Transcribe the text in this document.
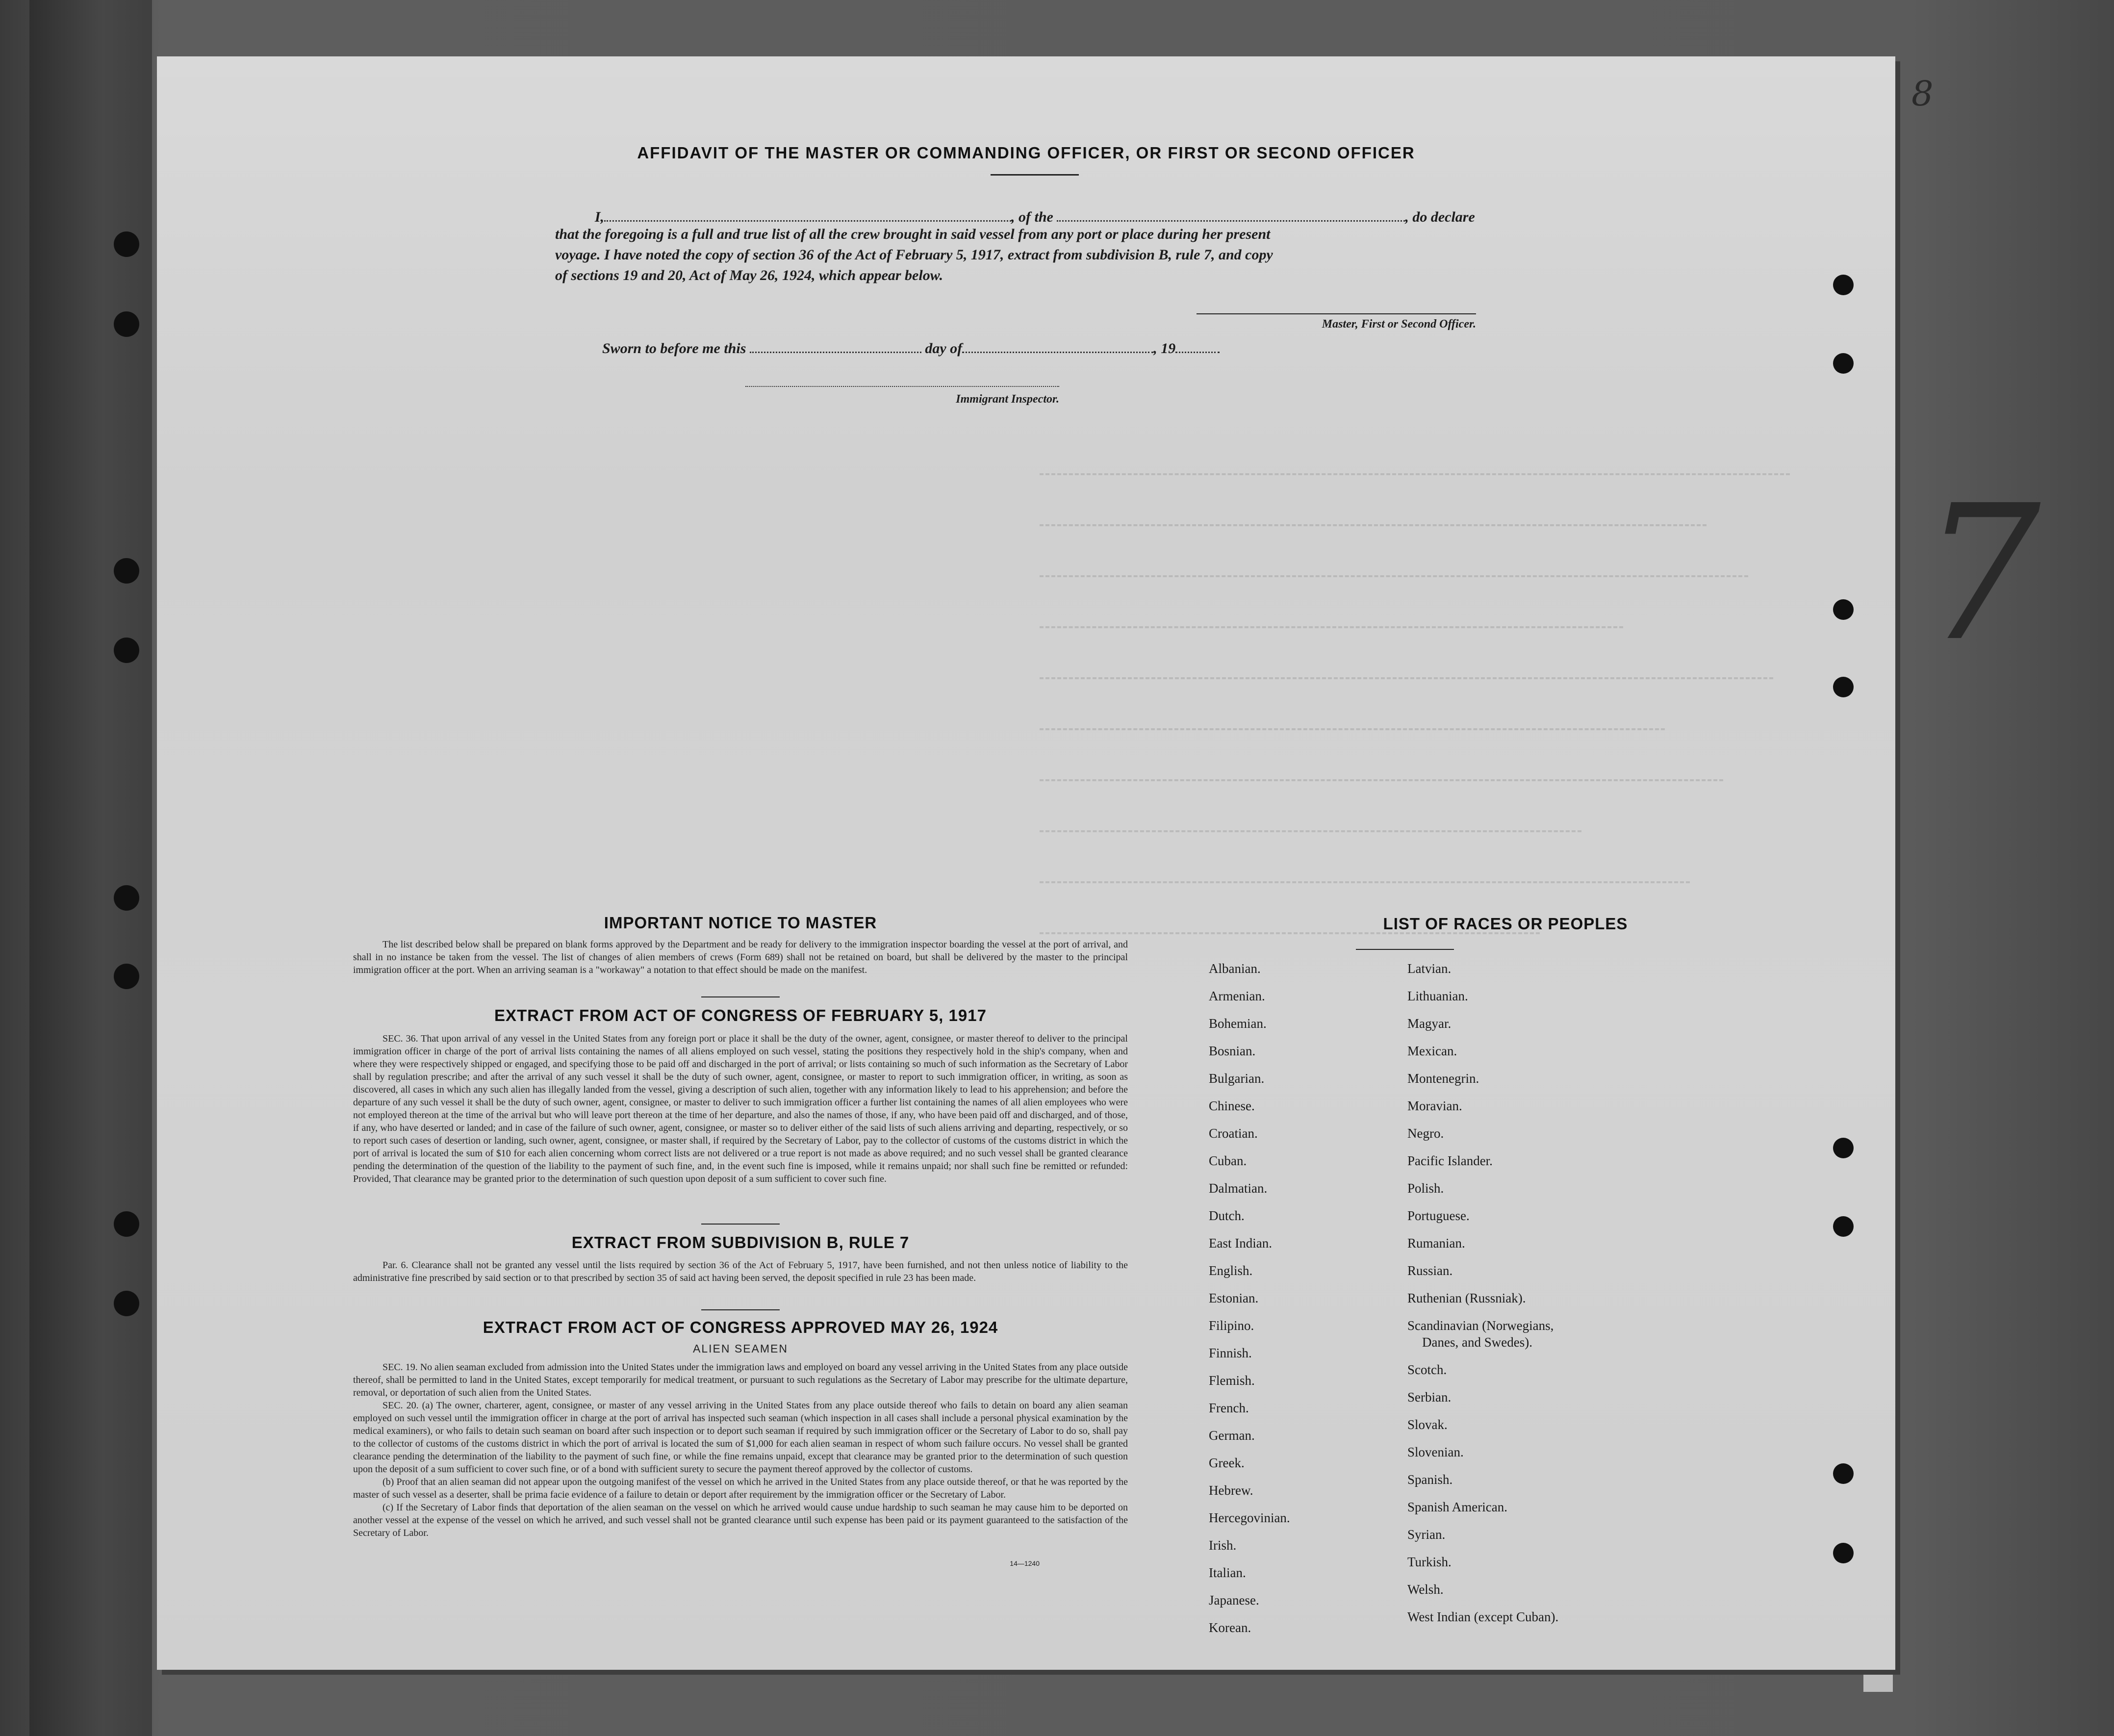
AFFIDAVIT OF THE MASTER OR COMMANDING OFFICER, OR FIRST OR SECOND OFFICER
I,	, of the	, do declare
that the foregoing is a full and true list of all the crew brought in said vessel from any port or place during her present
voyage. I have noted the copy of section 36 of the Act of February 5, 1917, extract from subdivision B, rule 7, and copy
of sections 19 and 20, Act of May 26, 1924, which appear below.
Master, First or Second Officer.
Sworn to before me this	day of	, 19
Immigrant Inspector.
IMPORTANT NOTICE TO MASTER

The list described below shall be prepared on blank forms approved by the Department and be ready for delivery to the immigration inspector boarding the vessel at the port of arrival, and shall in no instance be taken from the vessel. The list of changes of alien members of crews (Form 689) shall not be retained on board, but shall be delivered by the master to the principal immigration officer at the port. When an arriving seaman is a "workaway" a notation to that effect should be made on the manifest.

EXTRACT FROM ACT OF CONGRESS OF FEBRUARY 5, 1917

SEC. 36. That upon arrival of any vessel in the United States from any foreign port or place it shall be the duty of the owner, agent, consignee, or master thereof to deliver to the principal immigration officer in charge of the port of arrival lists containing the names of all aliens employed on such vessel, stating the positions they respectively hold in the ship's company, when and where they were respectively shipped or engaged, and specifying those to be paid off and discharged in the port of arrival; or lists containing so much of such information as the Secretary of Labor shall by regulation prescribe; and after the arrival of any such vessel it shall be the duty of such owner, agent, consignee, or master to report to such immigration officer, in writing, as soon as discovered, all cases in which any such alien has illegally landed from the vessel, giving a description of such alien, together with any information likely to lead to his apprehension; and before the departure of any such vessel it shall be the duty of such owner, agent, consignee, or master to deliver to such immigration officer a further list containing the names of all alien employees who were not employed thereon at the time of the arrival but who will leave port thereon at the time of her departure, and also the names of those, if any, who have been paid off and discharged, and of those, if any, who have deserted or landed; and in case of the failure of such owner, agent, consignee, or master so to deliver either of the said lists of such aliens arriving and departing, respectively, or so to report such cases of desertion or landing, such owner, agent, consignee, or master shall, if required by the Secretary of Labor, pay to the collector of customs of the customs district in which the port of arrival is located the sum of $10 for each alien concerning whom correct lists are not delivered or a true report is not made as above required; and no such vessel shall be granted clearance pending the determination of the question of the liability to the payment of such fine, and, in the event such fine is imposed, while it remains unpaid; nor shall such fine be remitted or refunded: Provided, That clearance may be granted prior to the determination of such question upon deposit of a sum sufficient to cover such fine.

EXTRACT FROM SUBDIVISION B, RULE 7

Par. 6. Clearance shall not be granted any vessel until the lists required by section 36 of the Act of February 5, 1917, have been furnished, and not then unless notice of liability to the administrative fine prescribed by said section or to that prescribed by section 35 of said act having been served, the deposit specified in rule 23 has been made.

EXTRACT FROM ACT OF CONGRESS APPROVED MAY 26, 1924
ALIEN SEAMEN

SEC. 19. No alien seaman excluded from admission into the United States under the immigration laws and employed on board any vessel arriving in the United States from any place outside thereof, shall be permitted to land in the United States, except temporarily for medical treatment, or pursuant to such regulations as the Secretary of Labor may prescribe for the ultimate departure, removal, or deportation of such alien from the United States.

SEC. 20. (a) The owner, charterer, agent, consignee, or master of any vessel arriving in the United States from any place outside thereof who fails to detain on board any alien seaman employed on such vessel until the immigration officer in charge at the port of arrival has inspected such seaman (which inspection in all cases shall include a personal physical examination by the medical examiners), or who fails to detain such seaman on board after such inspection or to deport such seaman if required by such immigration officer or the Secretary of Labor to do so, shall pay to the collector of customs of the customs district in which the port of arrival is located the sum of $1,000 for each alien seaman in respect of whom such failure occurs. No vessel shall be granted clearance pending the determination of the liability to the payment of such fine, or while the fine remains unpaid, except that clearance may be granted prior to the determination of such question upon the deposit of a sum sufficient to cover such fine, or of a bond with sufficient surety to secure the payment thereof approved by the collector of customs.

(b) Proof that an alien seaman did not appear upon the outgoing manifest of the vessel on which he arrived in the United States from any place outside thereof, or that he was reported by the master of such vessel as a deserter, shall be prima facie evidence of a failure to detain or deport after requirement by the immigration officer or the Secretary of Labor.

(c) If the Secretary of Labor finds that deportation of the alien seaman on the vessel on which he arrived would cause undue hardship to such seaman he may cause him to be deported on another vessel at the expense of the vessel on which he arrived, and such vessel shall not be granted clearance until such expense has been paid or its payment guaranteed to the satisfaction of the Secretary of Labor.

14—1240
LIST OF RACES OR PEOPLES
Albanian.
Armenian.
Bohemian.
Bosnian.
Bulgarian.
Chinese.
Croatian.
Cuban.
Dalmatian.
Dutch.
East Indian.
English.
Estonian.
Filipino.
Finnish.
Flemish.
French.
German.
Greek.
Hebrew.
Hercegovinian.
Irish.
Italian.
Japanese.
Korean.
Latvian.
Lithuanian.
Magyar.
Mexican.
Montenegrin.
Moravian.
Negro.
Pacific Islander.
Polish.
Portuguese.
Rumanian.
Russian.
Ruthenian (Russniak).
Scandinavian (Norwegians,
Danes, and Swedes).
Scotch.
Serbian.
Slovak.
Slovenian.
Spanish.
Spanish American.
Syrian.
Turkish.
Welsh.
West Indian (except Cuban).
8
7
